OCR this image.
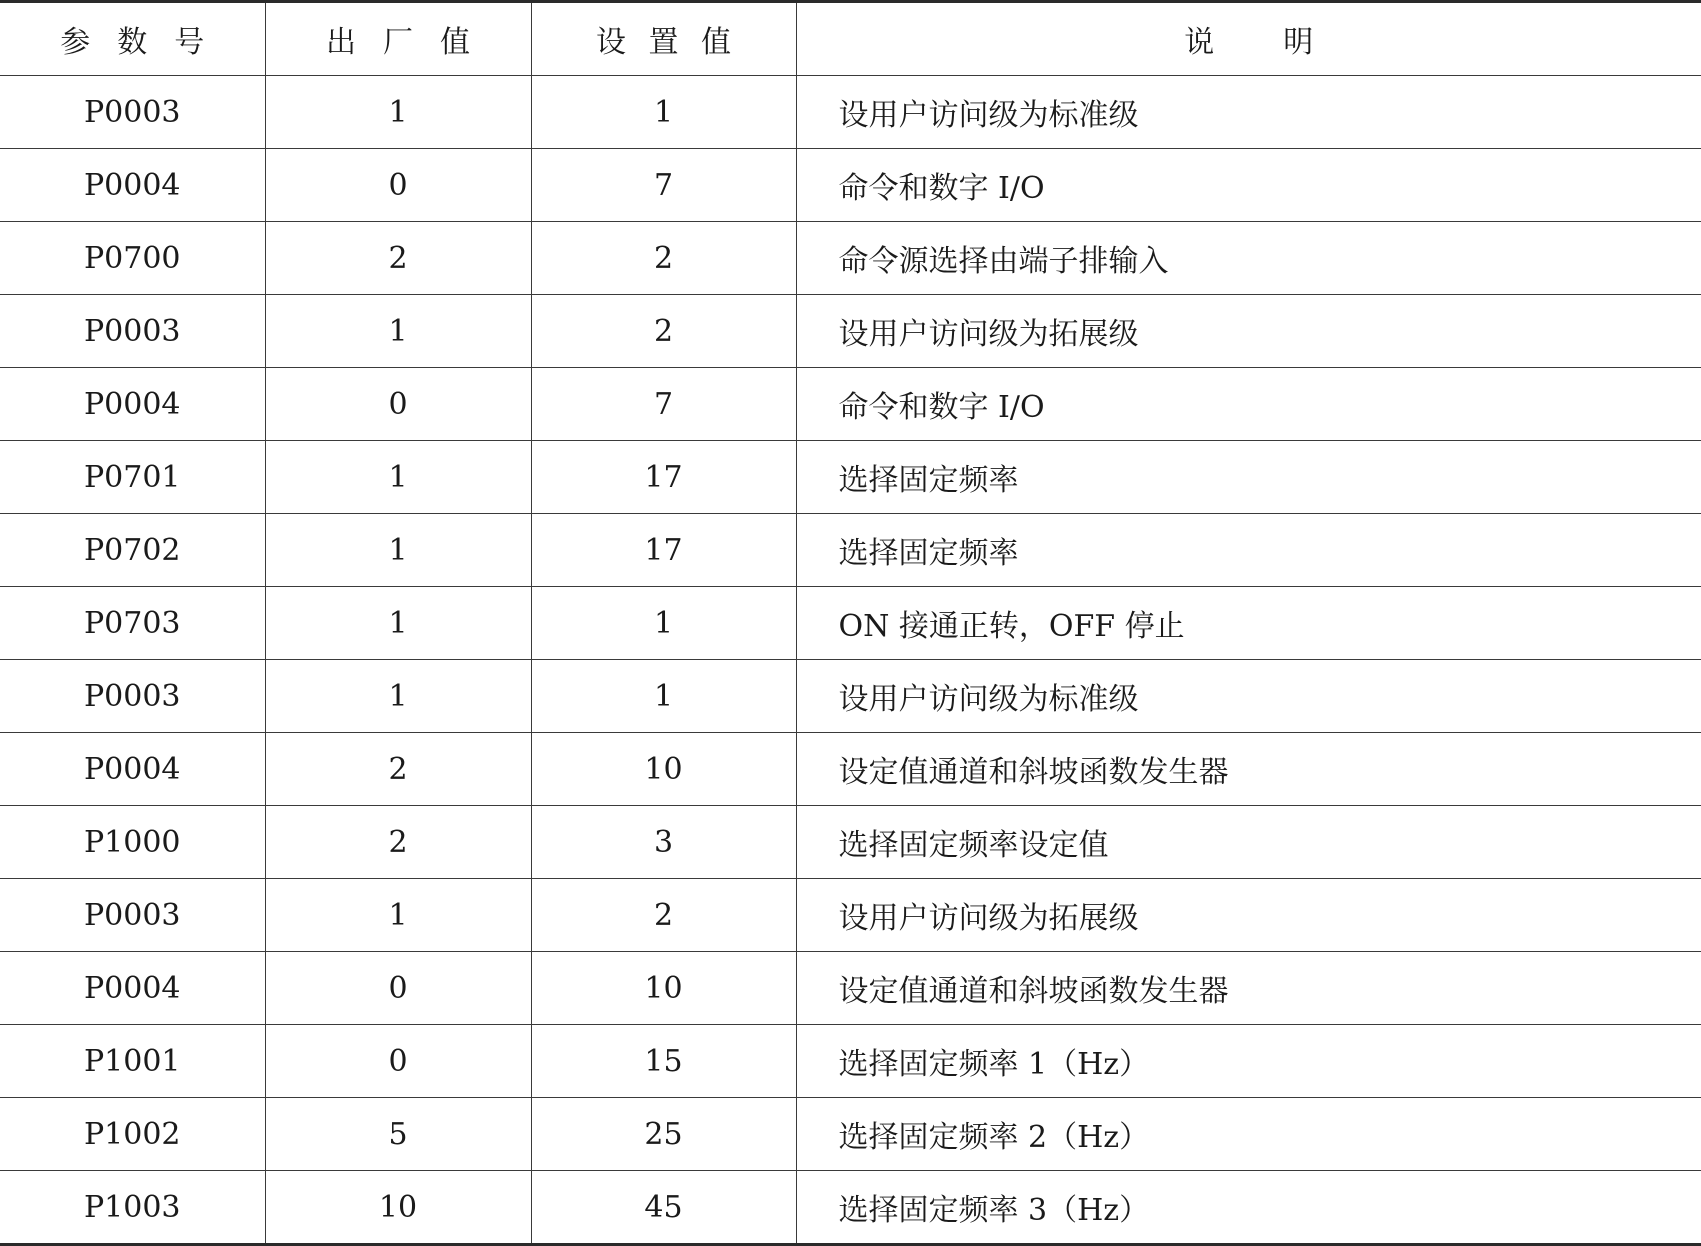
参数号	出厂值	设置值	说明
P0003	1	1	设用户访问级为标准级
P0004	0	7	命令和数字 I/O
P0700	2	2	命令源选择由端子排输入
P0003	1	2	设用户访问级为拓展级
P0004	0	7	命令和数字 I/O
P0701	1	17	选择固定频率
P0702	1	17	选择固定频率
P0703	1	1	ON 接通正转，OFF 停止
P0003	1	1	设用户访问级为标准级
P0004	2	10	设定值通道和斜坡函数发生器
P1000	2	3	选择固定频率设定值
P0003	1	2	设用户访问级为拓展级
P0004	0	10	设定值通道和斜坡函数发生器
P1001	0	15	选择固定频率 1（Hz）
P1002	5	25	选择固定频率 2（Hz）
P1003	10	45	选择固定频率 3（Hz）
